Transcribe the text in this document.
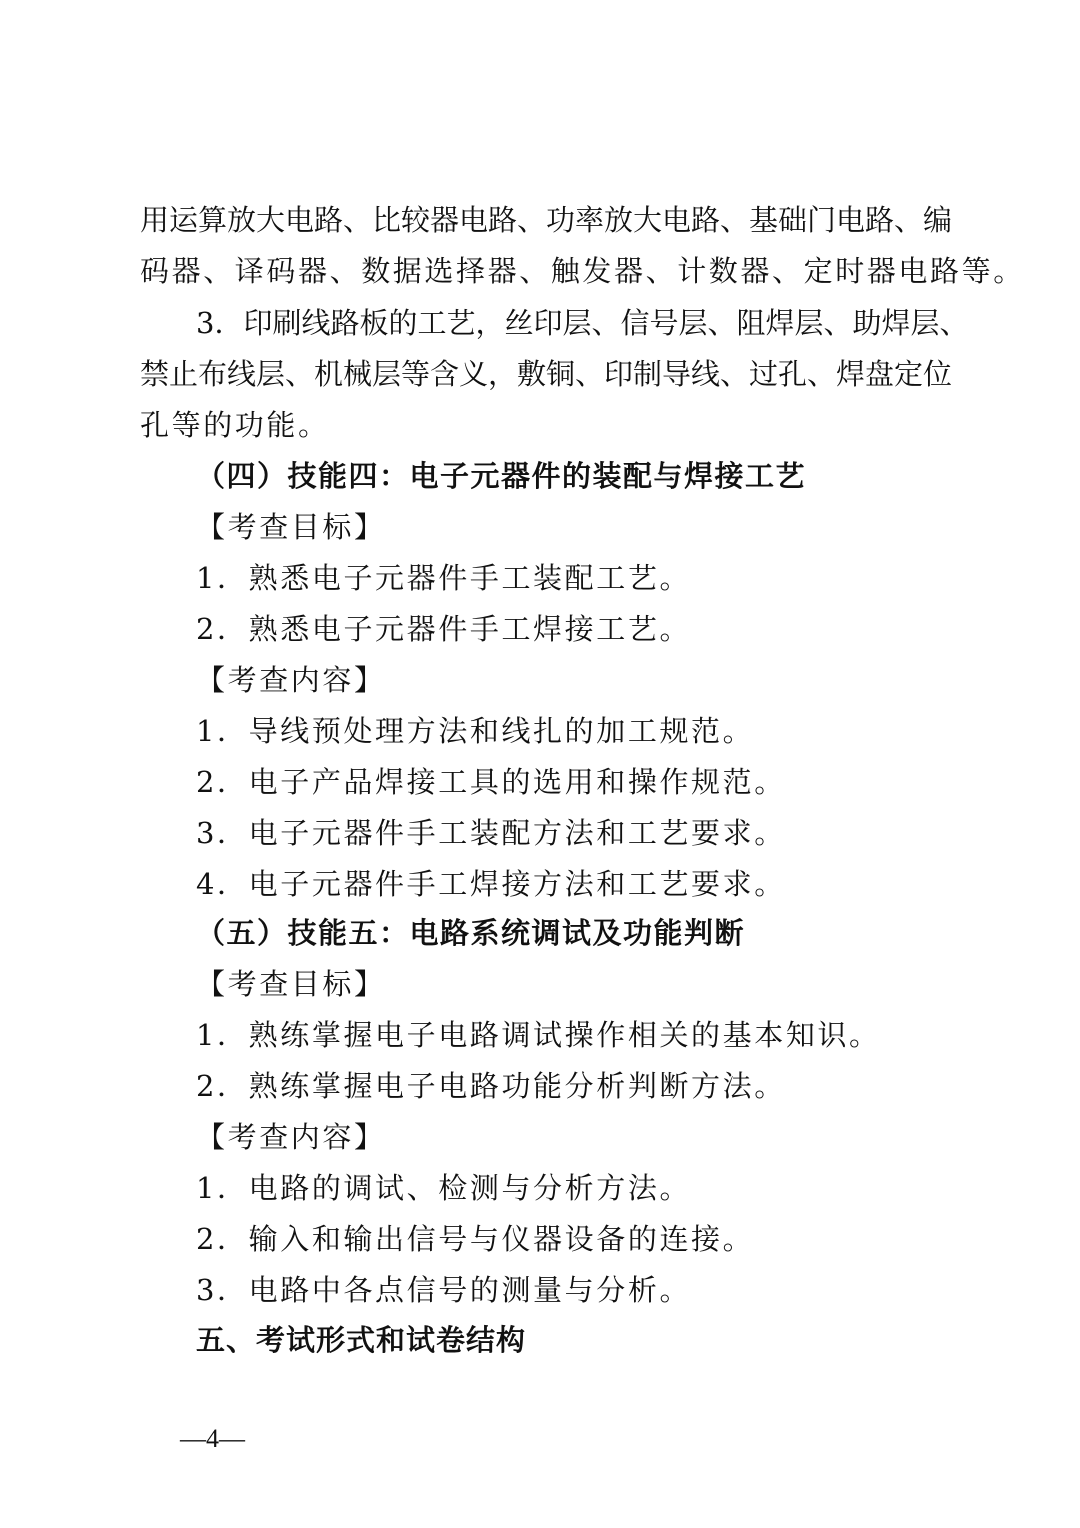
用运算放大电路、比较器电路、功率放大电路、基础门电路、编
码器、译码器、数据选择器、触发器、计数器、定时器电路等。
3．印刷线路板的工艺，丝印层、信号层、阻焊层、助焊层、
禁止布线层、机械层等含义，敷铜、印制导线、过孔、焊盘定位
孔等的功能。
（四）技能四：电子元器件的装配与焊接工艺
【考查目标】
1．熟悉电子元器件手工装配工艺。
2．熟悉电子元器件手工焊接工艺。
【考查内容】
1．导线预处理方法和线扎的加工规范。
2．电子产品焊接工具的选用和操作规范。
3．电子元器件手工装配方法和工艺要求。
4．电子元器件手工焊接方法和工艺要求。
（五）技能五：电路系统调试及功能判断
【考查目标】
1．熟练掌握电子电路调试操作相关的基本知识。
2．熟练掌握电子电路功能分析判断方法。
【考查内容】
1．电路的调试、检测与分析方法。
2．输入和输出信号与仪器设备的连接。
3．电路中各点信号的测量与分析。
五、考试形式和试卷结构
—4—
